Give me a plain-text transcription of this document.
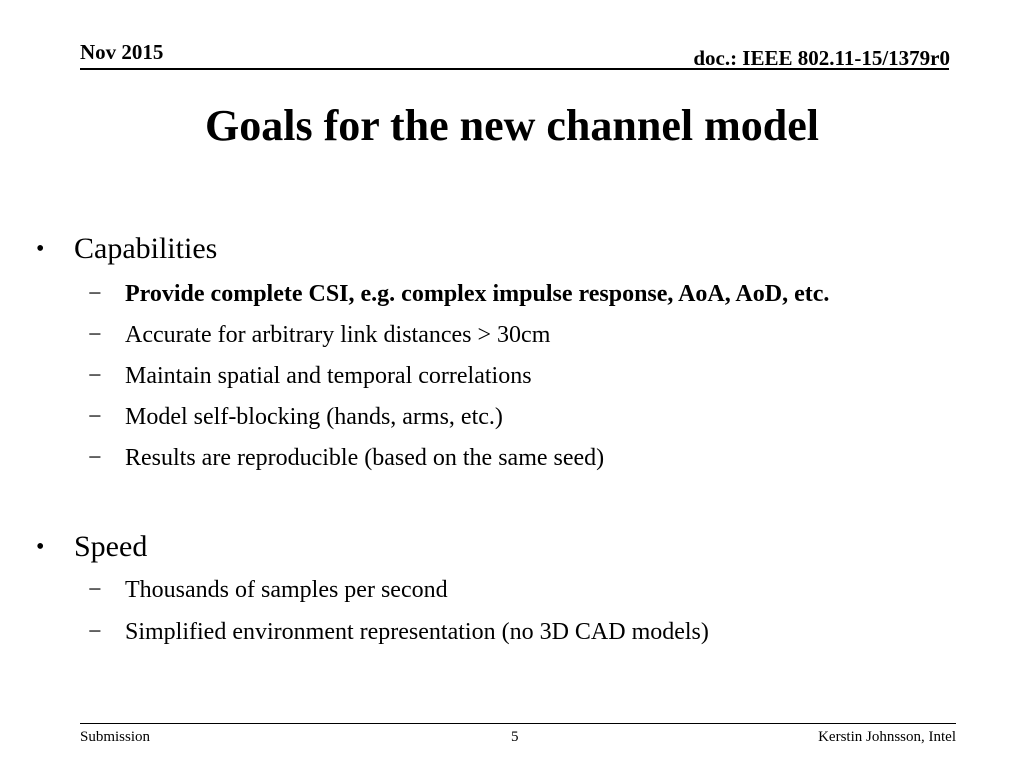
Nov 2015	doc.: IEEE 802.11-15/1379r0
Goals for the new channel model
• Capabilities
− Provide complete CSI, e.g. complex impulse response, AoA, AoD, etc.
− Accurate for arbitrary link distances > 30cm
− Maintain spatial and temporal correlations
− Model self-blocking (hands, arms, etc.)
− Results are reproducible (based on the same seed)
• Speed
− Thousands of samples per second
− Simplified environment representation (no 3D CAD models)
Submission	5	Kerstin Johnsson, Intel
